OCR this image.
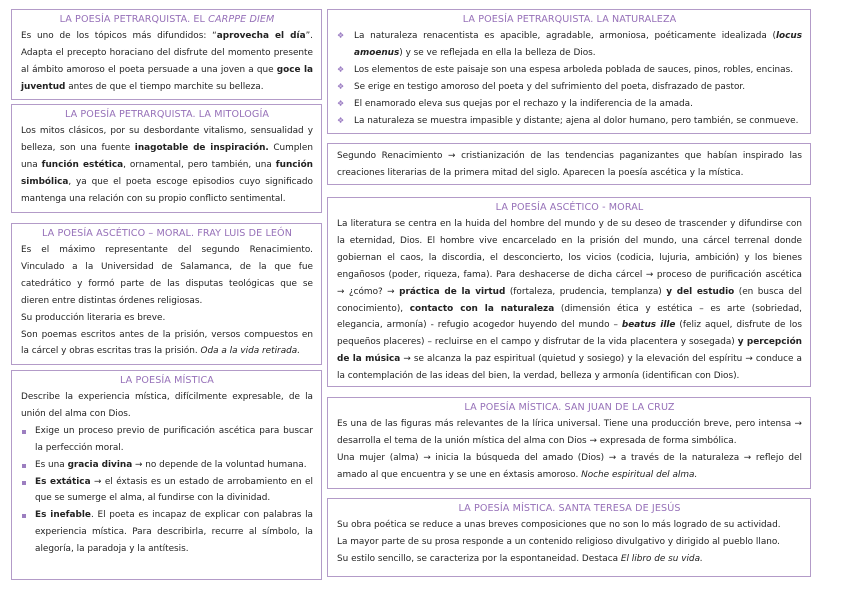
LA POESÍA PETRARQUISTA. EL CARPPE DIEM
Es uno de los tópicos más difundidos: “aprovecha el día”. Adapta el precepto horaciano del disfrute del momento presente al ámbito amoroso el poeta persuade a una joven a que goce la juventud antes de que el tiempo marchite su belleza.
LA POESÍA PETRARQUISTA. LA MITOLOGÍA
Los mitos clásicos, por su desbordante vitalismo, sensualidad y belleza, son una fuente inagotable de inspiración. Cumplen una función estética, ornamental, pero también, una función simbólica, ya que el poeta escoge episodios cuyo significado mantenga una relación con su propio conflicto sentimental.
LA POESÍA ASCÉTICO – MORAL. FRAY LUIS DE LEÓN
Es el máximo representante del segundo Renacimiento. Vinculado a la Universidad de Salamanca, de la que fue catedrático y formó parte de las disputas teológicas que se dieren entre distintas órdenes religiosas.
Su producción literaria es breve.
Son poemas escritos antes de la prisión, versos compuestos en la cárcel y obras escritas tras la prisión. Oda a la vida retirada.
LA POESÍA MÍSTICA
Describe la experiencia mística, difícilmente expresable, de la unión del alma con Dios.
Exige un proceso previo de purificación ascética para buscar la perfección moral.
Es una gracia divina → no depende de la voluntad humana.
Es extática → el éxtasis es un estado de arrobamiento en el que se sumerge el alma, al fundirse con la divinidad.
Es inefable. El poeta es incapaz de explicar con palabras la experiencia mística. Para describirla, recurre al símbolo, la alegoría, la paradoja y la antítesis.
LA POESÍA PETRARQUISTA. LA NATURALEZA
❖ La naturaleza renacentista es apacible, agradable, armoniosa, poéticamente idealizada (locus amoenus) y se ve reflejada en ella la belleza de Dios.
❖ Los elementos de este paisaje son una espesa arboleda poblada de sauces, pinos, robles, encinas.
❖ Se erige en testigo amoroso del poeta y del sufrimiento del poeta, disfrazado de pastor.
❖ El enamorado eleva sus quejas por el rechazo y la indiferencia de la amada.
❖ La naturaleza se muestra impasible y distante; ajena al dolor humano, pero también, se conmueve.
Segundo Renacimiento → cristianización de las tendencias paganizantes que habían inspirado las creaciones literarias de la primera mitad del siglo. Aparecen la poesía ascética y la mística.
LA POESÍA ASCÉTICO - MORAL
La literatura se centra en la huida del hombre del mundo y de su deseo de trascender y difundirse con la eternidad, Dios. El hombre vive encarcelado en la prisión del mundo, una cárcel terrenal donde gobiernan el caos, la discordia, el desconcierto, los vicios (codicia, lujuria, ambición) y los bienes engañosos (poder, riqueza, fama). Para deshacerse de dicha cárcel → proceso de purificación ascética → ¿cómo? → práctica de la virtud (fortaleza, prudencia, templanza) y del estudio (en busca del conocimiento), contacto con la naturaleza (dimensión ética y estética – es arte (sobriedad, elegancia, armonía) - refugio acogedor huyendo del mundo – beatus ille (feliz aquel, disfrute de los pequeños placeres) – recluirse en el campo y disfrutar de la vida placentera y sosegada) y percepción de la música → se alcanza la paz espiritual (quietud y sosiego) y la elevación del espíritu → conduce a la contemplación de las ideas del bien, la verdad, belleza y armonía (identifican con Dios).
LA POESÍA MÍSTICA. SAN JUAN DE LA CRUZ
Es una de las figuras más relevantes de la lírica universal. Tiene una producción breve, pero intensa → desarrolla el tema de la unión mística del alma con Dios → expresada de forma simbólica.
Una mujer (alma) → inicia la búsqueda del amado (Dios) → a través de la naturaleza → reflejo del amado al que encuentra y se une en éxtasis amoroso. Noche espiritual del alma.
LA POESÍA MÍSTICA. SANTA TERESA DE JESÚS
Su obra poética se reduce a unas breves composiciones que no son lo más logrado de su actividad.
La mayor parte de su prosa responde a un contenido religioso divulgativo y dirigido al pueblo llano.
Su estilo sencillo, se caracteriza por la espontaneidad. Destaca El libro de su vida.
